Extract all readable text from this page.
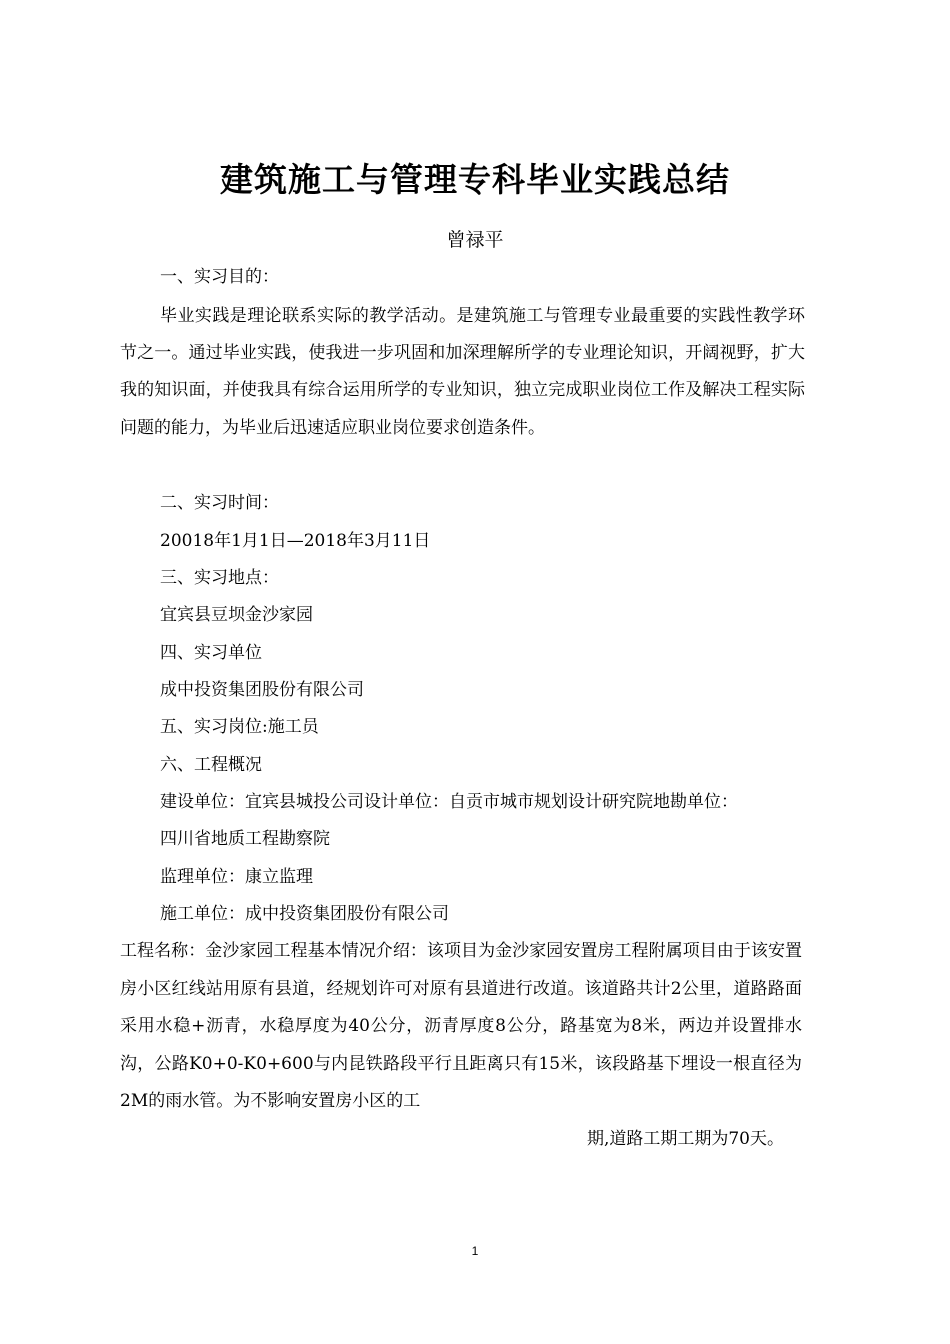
建筑施工与管理专科毕业实践总结
曾禄平
一、实习目的：
毕业实践是理论联系实际的教学活动。是建筑施工与管理专业最重要的实践性教学环节之一。通过毕业实践，使我进一步巩固和加深理解所学的专业理论知识，开阔视野，扩大我的知识面，并使我具有综合运用所学的专业知识，独立完成职业岗位工作及解决工程实际问题的能力，为毕业后迅速适应职业岗位要求创造条件。
二、实习时间：
20018年1月1日—2018年3月11日
三、实习地点：
宜宾县豆坝金沙家园
四、实习单位
成中投资集团股份有限公司
五、实习岗位:施工员
六、工程概况
建设单位：宜宾县城投公司设计单位：自贡市城市规划设计研究院地勘单位：
四川省地质工程勘察院
监理单位：康立监理
施工单位：成中投资集团股份有限公司
工程名称：金沙家园工程基本情况介绍：该项目为金沙家园安置房工程附属项目由于该安置房小区红线站用原有县道，经规划许可对原有县道进行改道。该道路共计2公里，道路路面采用水稳+沥青，水稳厚度为40公分，沥青厚度8公分，路基宽为8米，两边并设置排水沟，公路K0+0-K0+600与内昆铁路段平行且距离只有15米，该段路基下埋设一根直径为2M的雨水管。为不影响安置房小区的工
期,道路工期工期为70天。
1
